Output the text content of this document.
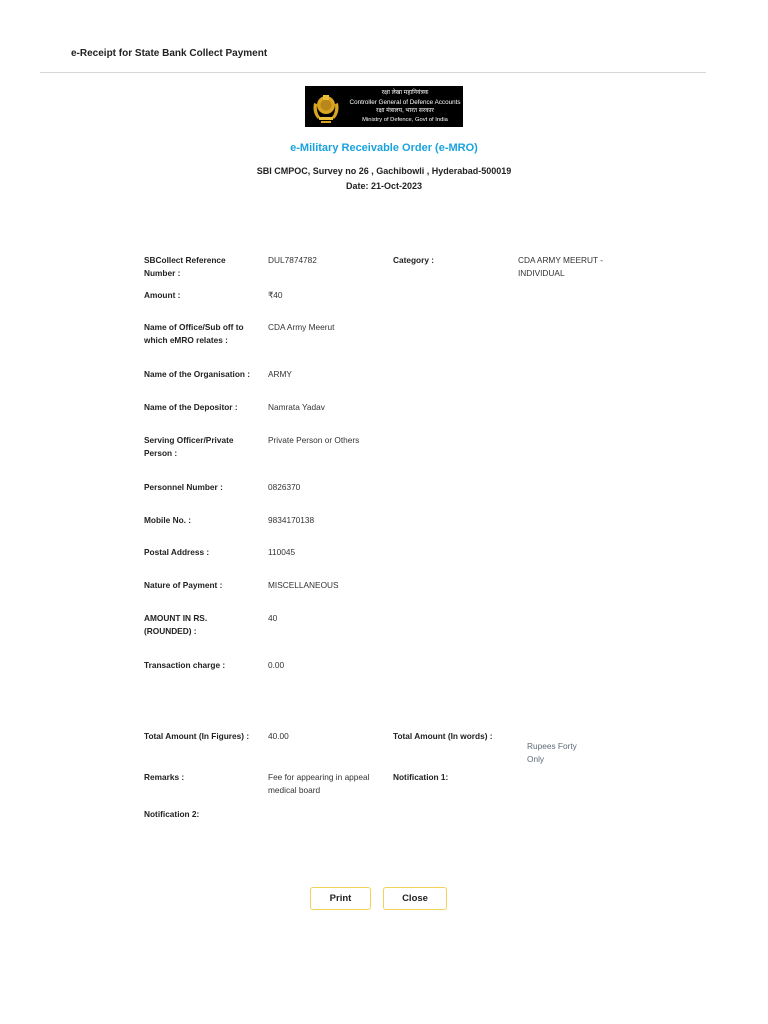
e-Receipt for State Bank Collect Payment
रक्षा लेखा महानियंत्रक
Controller General of Defence Accounts
रक्षा मंत्रालय, भारत सरकार
Ministry of Defence, Govt of India
e-Military Receivable Order (e-MRO)
SBI CMPOC, Survey no 26 , Gachibowli , Hyderabad-500019
Date: 21-Oct-2023
SBCollect Reference Number :
DUL7874782	Category :	CDA ARMY MEERUT - INDIVIDUAL
Amount :	₹40
Name of Office/Sub off to which eMRO relates :
CDA Army Meerut
Name of the Organisation :	ARMY
Name of the Depositor :	Namrata Yadav
Serving Officer/Private Person :
Private Person or Others
Personnel Number :	0826370
Mobile No. :	9834170138
Postal Address :	110045
Nature of Payment :	MISCELLANEOUS
AMOUNT IN RS. (ROUNDED) :
40
Transaction charge :	0.00
Total Amount (In Figures) :	40.00	Total Amount (In words) :
Rupees Forty Only
Remarks :	Fee for appearing in appeal medical board
Notification 1:
Notification 2:
Print	Close
